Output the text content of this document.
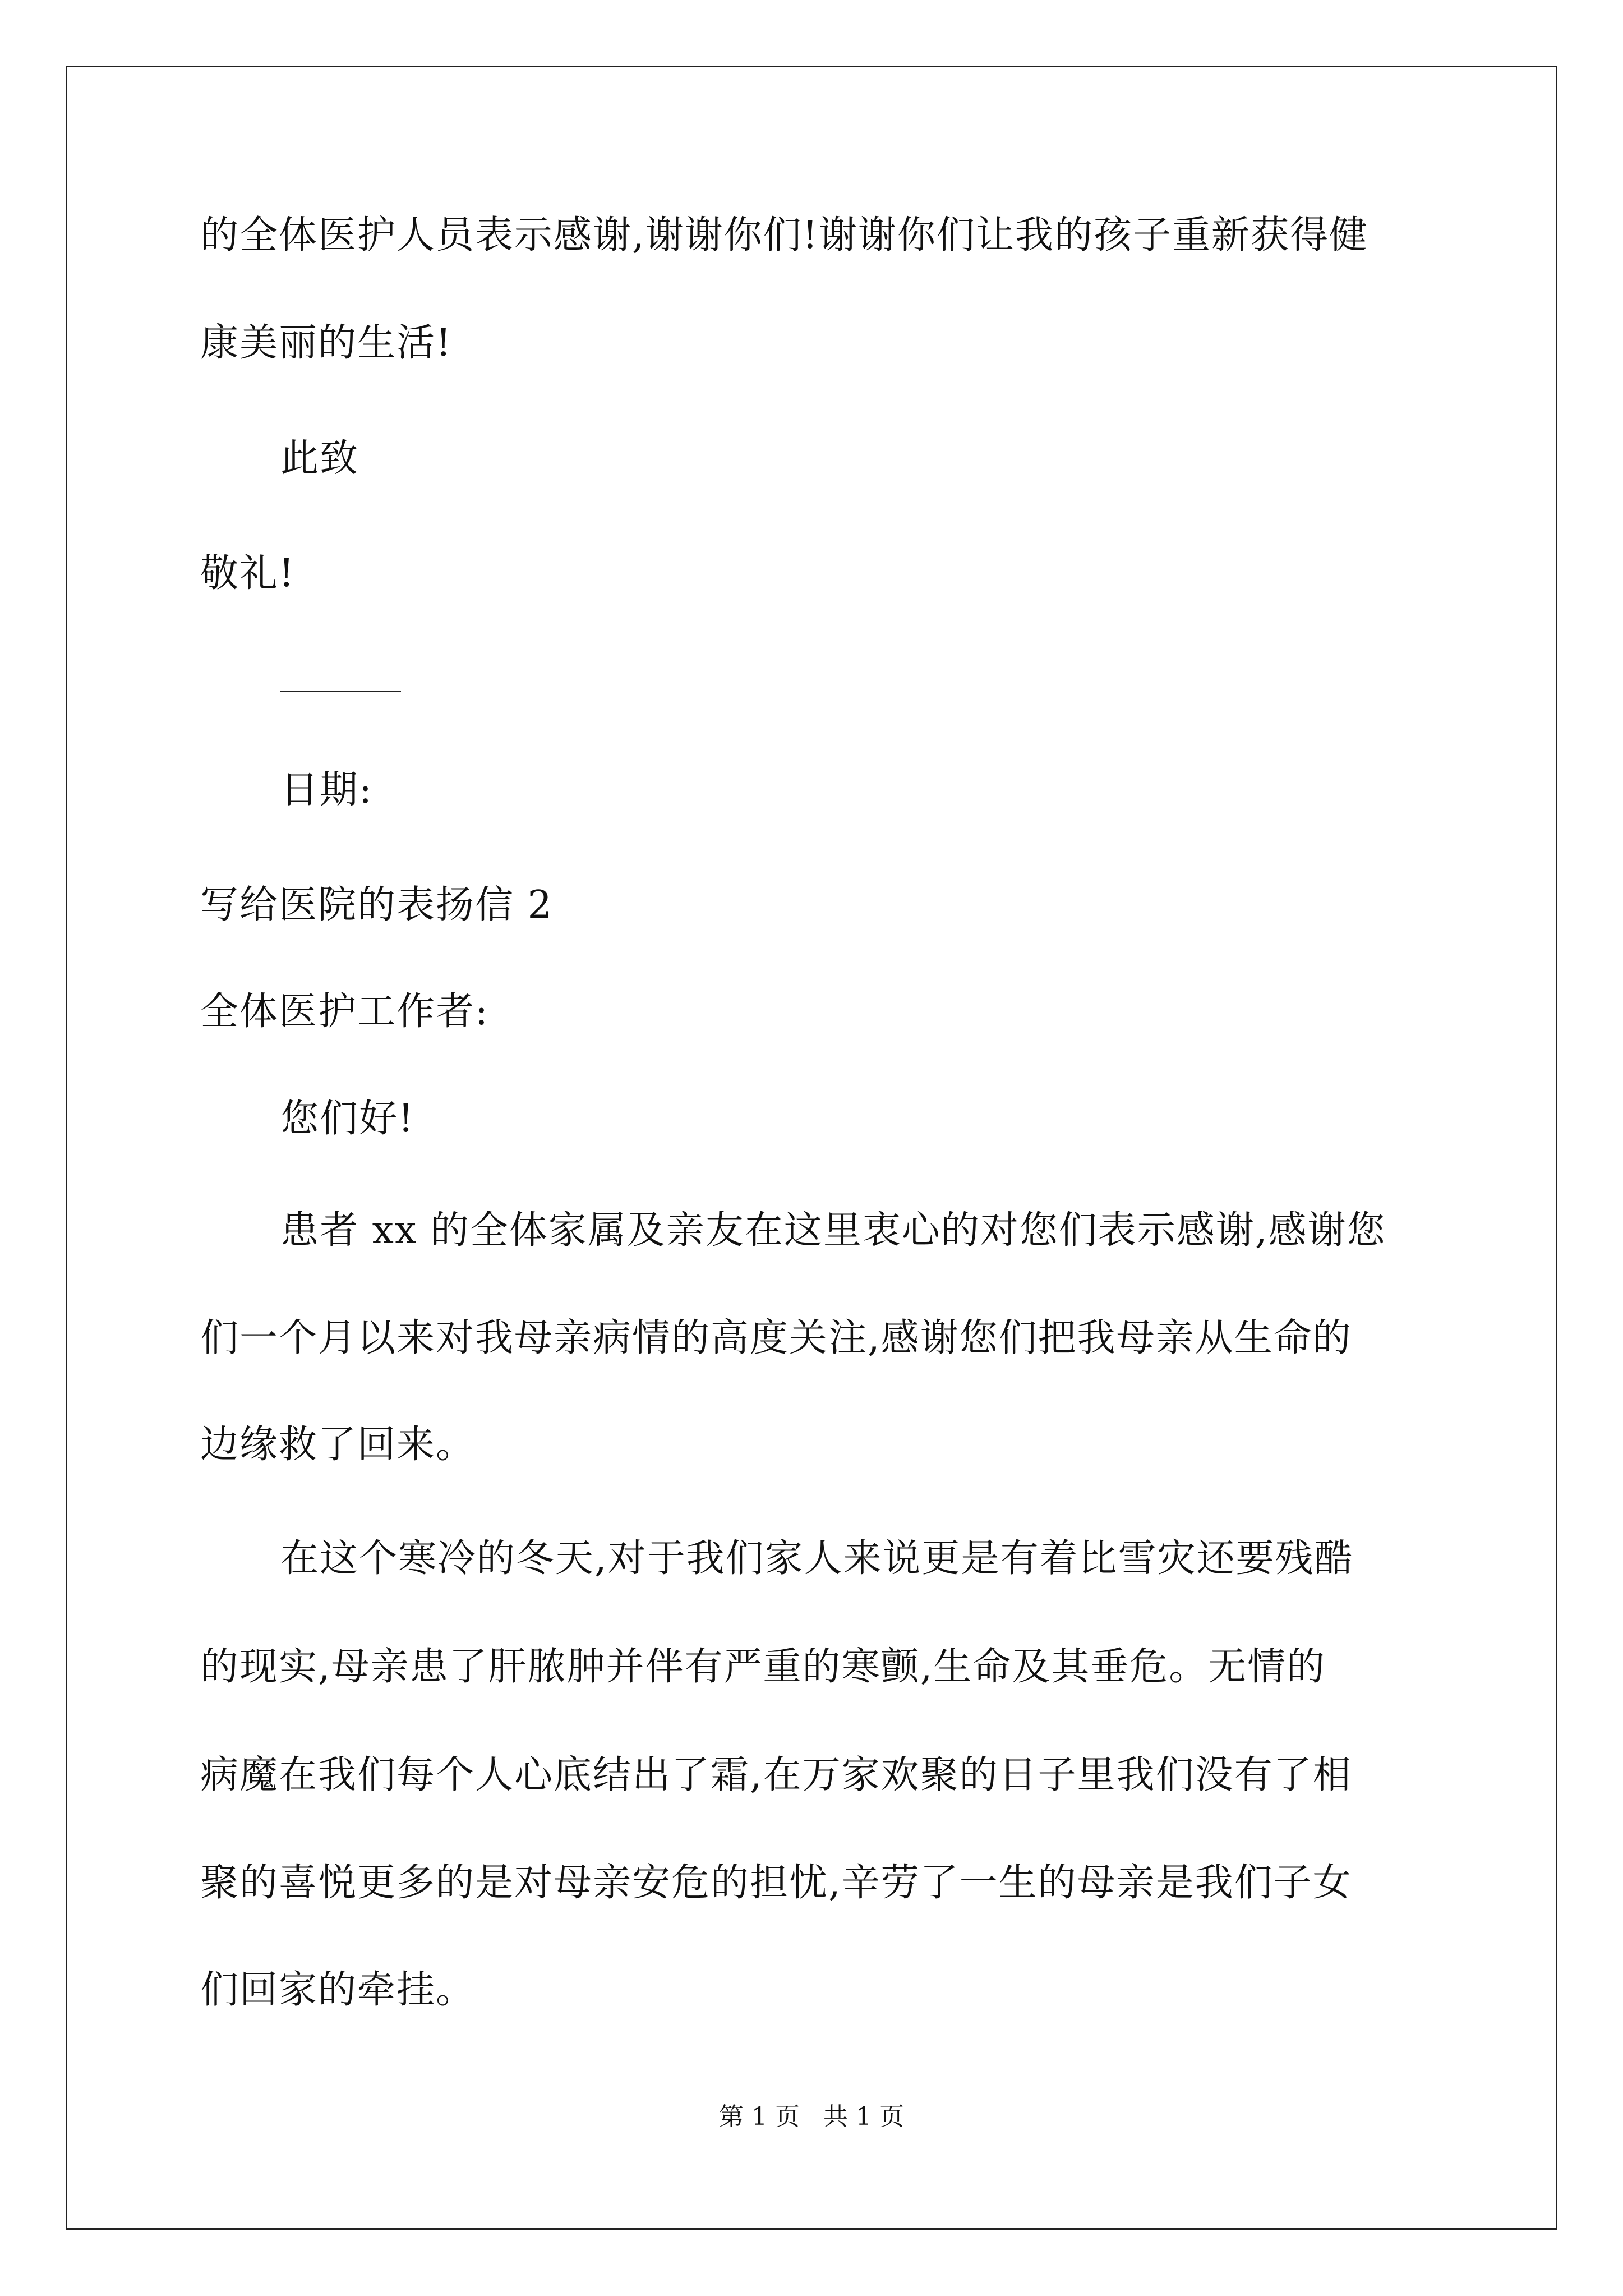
的全体医护人员表示感谢,谢谢你们!谢谢你们让我的孩子重新获得健
康美丽的生活!
此致
敬礼!
日期:
写给医院的表扬信 2
全体医护工作者:
您们好!
患者 xx 的全体家属及亲友在这里衷心的对您们表示感谢,感谢您
们一个月以来对我母亲病情的高度关注,感谢您们把我母亲从生命的
边缘救了回来。
在这个寒冷的冬天,对于我们家人来说更是有着比雪灾还要残酷
的现实,母亲患了肝脓肿并伴有严重的寒颤,生命及其垂危。无情的
病魔在我们每个人心底结出了霜,在万家欢聚的日子里我们没有了相
聚的喜悦更多的是对母亲安危的担忧,辛劳了一生的母亲是我们子女
们回家的牵挂。
第 1 页   共 1 页
